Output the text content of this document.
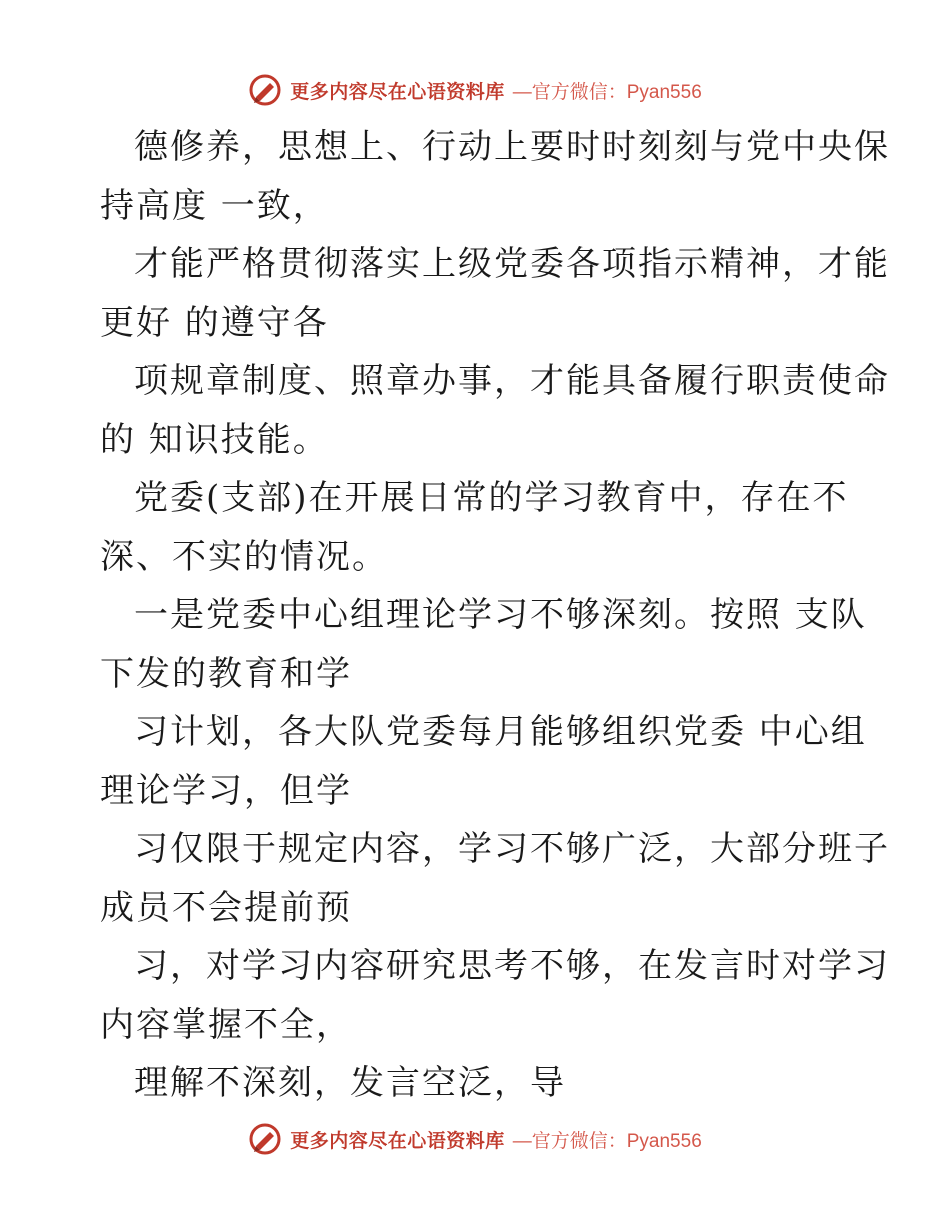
更多内容尽在心语资料库 —官方微信：Pyan556
德修养，思想上、行动上要时时刻刻与党中央保
持高度 一致，
才能严格贯彻落实上级党委各项指示精神，才能
更好 的遵守各
项规章制度、照章办事，才能具备履行职责使命
的 知识技能。
党委(支部)在开展日常的学习教育中，存在不
深、不实的情况。
一是党委中心组理论学习不够深刻。按照 支队
下发的教育和学
习计划，各大队党委每月能够组织党委 中心组
理论学习，但学
习仅限于规定内容，学习不够广泛，大部分班子
成员不会提前预
习，对学习内容研究思考不够，在发言时对学习
内容掌握不全，
理解不深刻，发言空泛，导
更多内容尽在心语资料库 —官方微信：Pyan556
